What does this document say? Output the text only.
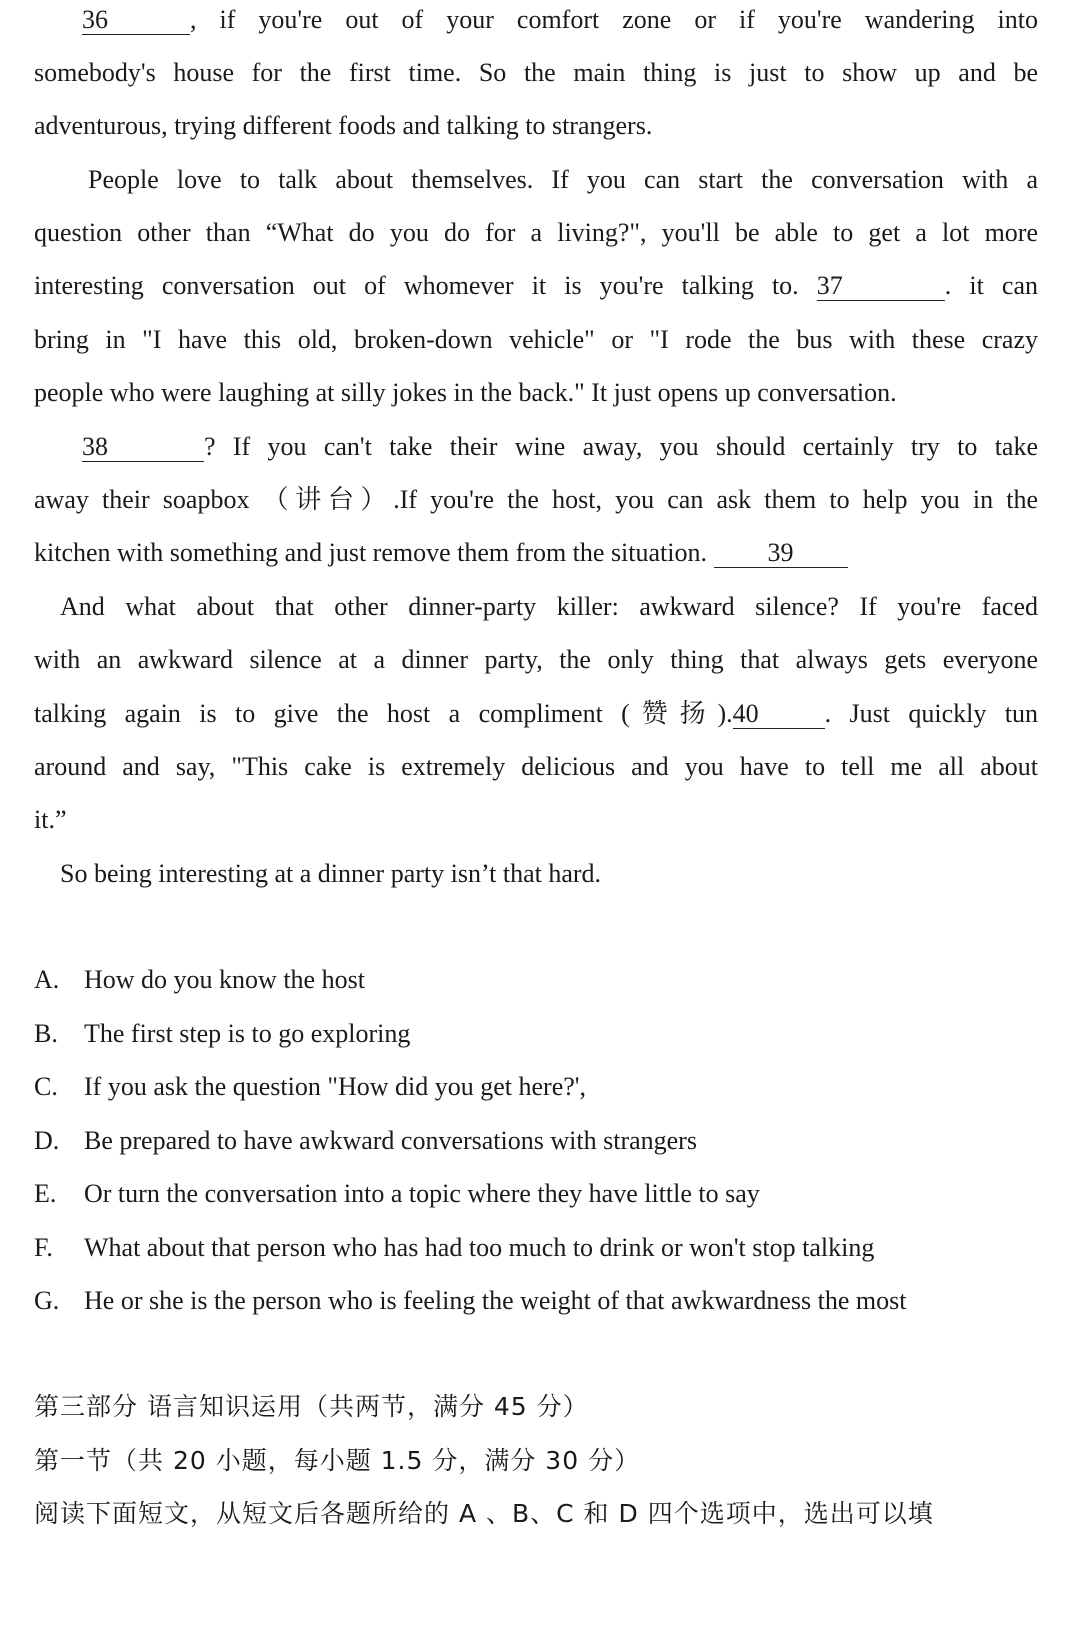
36	, if you're out of your comfort zone or if you're wandering into
somebody's house for the first time. So the main thing is just to show up and be
adventurous, trying different foods and talking to strangers.
People love to talk about themselves. If you can start the conversation with a
question other than “What do you do for a living?", you'll be able to get a lot more
interesting conversation out of whomever it is you're talking to. 37	. it can
bring in "I have this old, broken-down vehicle" or "I rode the bus with these crazy
people who were laughing at silly jokes in the back." It just opens up conversation.
38	? If you can't take their wine away, you should certainly try to take
away their soapbox （讲台）.If you're the host, you can ask them to help you in the
kitchen with something and just remove them from the situation. 39
And what about that other dinner-party killer: awkward silence? If you're faced
with an awkward silence at a dinner party, the only thing that always gets everyone
talking again is to give the host a compliment (赞扬).40	. Just quickly tun
around and say, "This cake is extremely delicious and you have to tell me all about
it.”
So being interesting at a dinner party isn’t that hard.
A. How do you know the host
B. The first step is to go exploring
C. If you ask the question "How did you get here?',
D. Be prepared to have awkward conversations with strangers
E. Or turn the conversation into a topic where they have little to say
F. What about that person who has had too much to drink or won't stop talking
G. He or she is the person who is feeling the weight of that awkwardness the most
第三部分 语言知识运用（共两节，满分 45 分）
第一节（共 20 小题，每小题 1.5 分，满分 30 分）
阅读下面短文，从短文后各题所给的 A 、B、C 和 D 四个选项中，选出可以填
